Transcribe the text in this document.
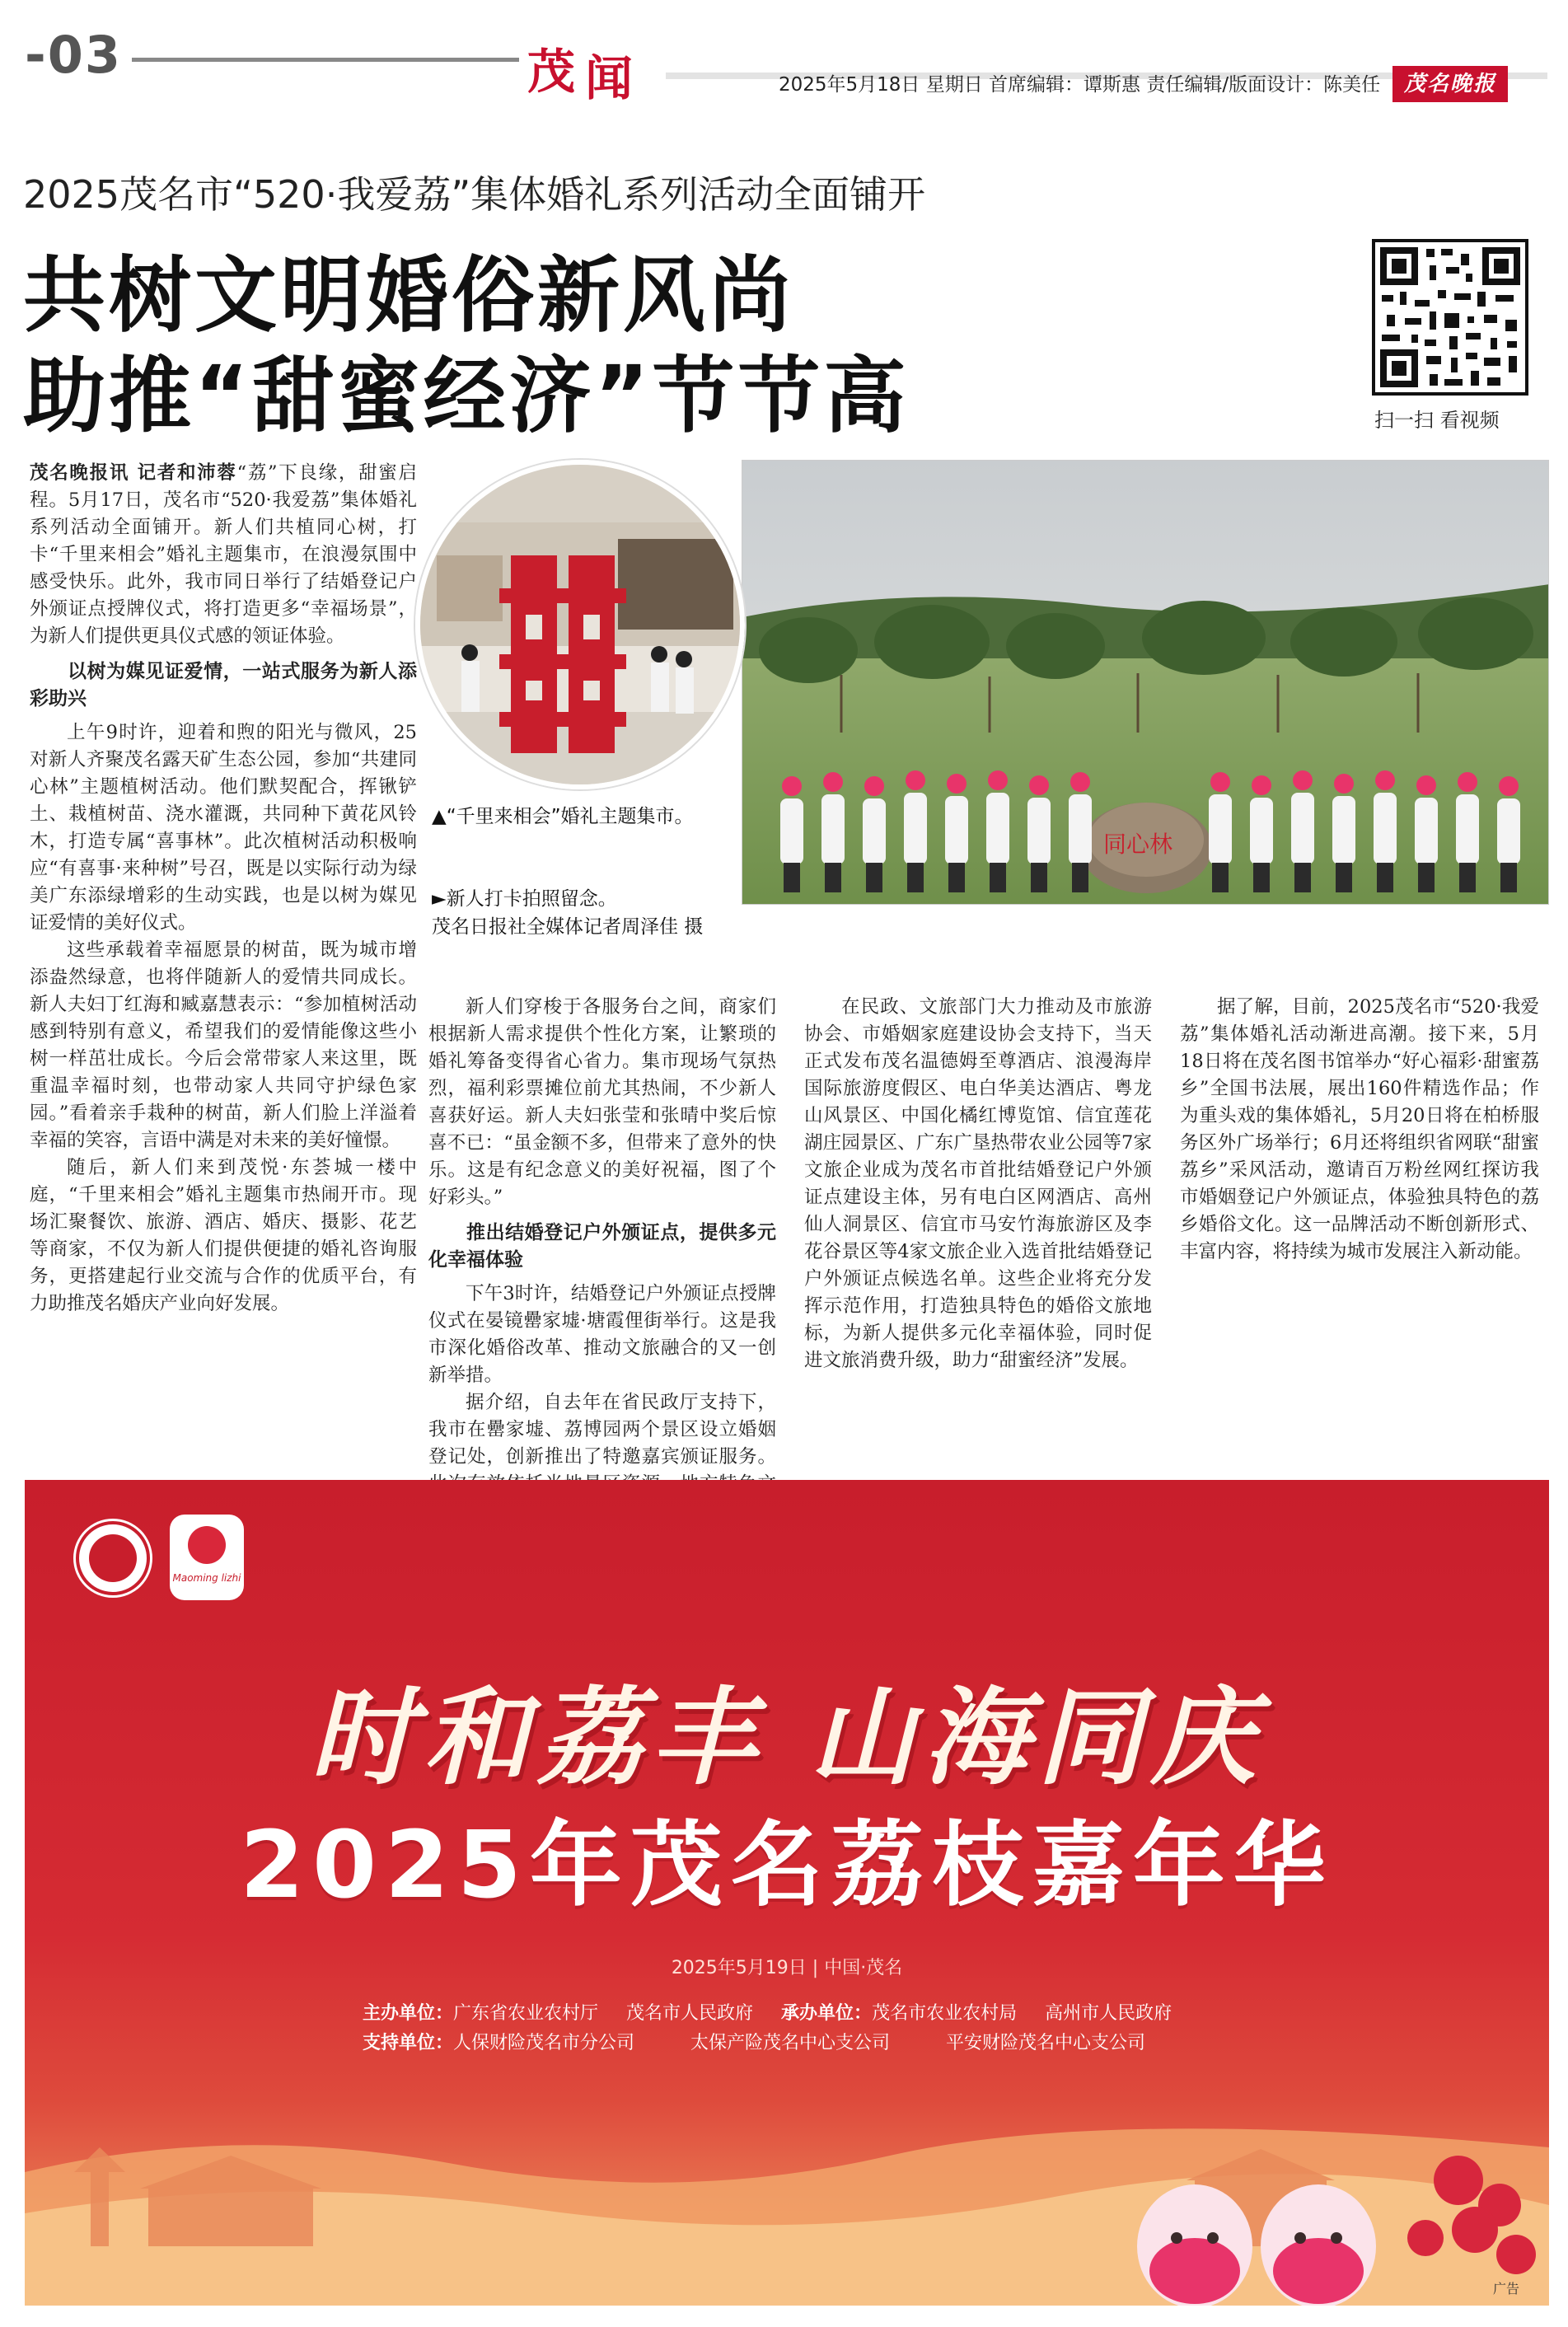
-03	茂 闻	2025年5月18日 星期日 首席编辑：谭斯惠 责任编辑/版面设计：陈美任	茂名晚报
2025茂名市“520·我爱荔”集体婚礼系列活动全面铺开
共树文明婚俗新风尚
助推“甜蜜经济”节节高	扫一扫 看视频
同心林
▲“千里来相会”婚礼主题集市。
►新人打卡拍照留念。
茂名日报社全媒体记者周泽佳 摄

茂名晚报讯 记者和沛蓉“荔”下良缘，甜蜜启程。5月17日，茂名市“520·我爱荔”集体婚礼系列活动全面铺开。新人们共植同心树，打卡“千里来相会”婚礼主题集市，在浪漫氛围中感受快乐。此外，我市同日举行了结婚登记户外颁证点授牌仪式，将打造更多“幸福场景”，为新人们提供更具仪式感的领证体验。

以树为媒见证爱情，一站式服务为新人添彩助兴

上午9时许，迎着和煦的阳光与微风，25对新人齐聚茂名露天矿生态公园，参加“共建同心林”主题植树活动。他们默契配合，挥锹铲土、栽植树苗、浇水灌溉，共同种下黄花风铃木，打造专属“喜事林”。此次植树活动积极响应“有喜事·来种树”号召，既是以实际行动为绿美广东添绿增彩的生动实践，也是以树为媒见证爱情的美好仪式。

这些承载着幸福愿景的树苗，既为城市增添盎然绿意，也将伴随新人的爱情共同成长。新人夫妇丁红海和臧嘉慧表示：“参加植树活动感到特别有意义，希望我们的爱情能像这些小树一样茁壮成长。今后会常带家人来这里，既重温幸福时刻，也带动家人共同守护绿色家园。”看着亲手栽种的树苗，新人们脸上洋溢着幸福的笑容，言语中满是对未来的美好憧憬。

随后，新人们来到茂悦·东荟城一楼中庭，“千里来相会”婚礼主题集市热闹开市。现场汇聚餐饮、旅游、酒店、婚庆、摄影、花艺等商家，不仅为新人们提供便捷的婚礼咨询服务，更搭建起行业交流与合作的优质平台，有力助推茂名婚庆产业向好发展。

新人们穿梭于各服务台之间，商家们根据新人需求提供个性化方案，让繁琐的婚礼筹备变得省心省力。集市现场气氛热烈，福利彩票摊位前尤其热闹，不少新人喜获好运。新人夫妇张莹和张晴中奖后惊喜不已：“虽金额不多，但带来了意外的快乐。这是有纪念意义的美好祝福，图了个好彩头。”

推出结婚登记户外颁证点，提供多元化幸福体验

下午3时许，结婚登记户外颁证点授牌仪式在晏镜罍家墟·塘霞俚街举行。这是我市深化婚俗改革、推动文旅融合的又一创新举措。

据介绍，自去年在省民政厅支持下，我市在罍家墟、荔博园两个景区设立婚姻登记处，创新推出了特邀嘉宾颁证服务。

在民政、文旅部门大力推动及市旅游协会、市婚姻家庭建设协会支持下，当天正式发布茂名温德姆至尊酒店、浪漫海岸国际旅游度假区、电白华美达酒店、粤龙山风景区、中国化橘红博览馆、信宜莲花湖庄园景区、广东广垦热带农业公园等7家文旅企业成为茂名市首批结婚登记户外颁证点建设主体，另有电白区网酒店、高州仙人洞景区、信宜市马安竹海旅游区及李花谷景区等4家文旅企业入选首批结婚登记户外颁证点候选名单。这些企业将充分发挥示范作用，打造独具特色的婚俗文旅地标，为新人提供多元化幸福体验，同时促进文旅消费升级，助力“甜蜜经济”发展。

据了解，目前，2025茂名市“520·我爱荔”集体婚礼活动渐进高潮。接下来，5月18日将在茂名图书馆举办“好心福彩·甜蜜荔乡”全国书法展，展出160件精选作品；作为重头戏的集体婚礼，5月20日将在柏桥服务区外广场举行；6月还将组织省网联“甜蜜荔乡”采风活动，邀请百万粉丝网红探访我市婚姻登记户外颁证点，体验独具特色的荔乡婚俗文化。这一品牌活动不断创新形式、丰富内容，将持续为城市发展注入新动能。

Maoming lizhi
时和荔丰 山海同庆
2025年茂名荔枝嘉年华
2025年5月19日 | 中国·茂名
主办单位：广东省农业农村厅 茂名市人民政府 承办单位：茂名市农业农村局 高州市人民政府
支持单位：人保财险茂名市分公司	太保产险茂名中心支公司	平安财险茂名中心支公司
广告
